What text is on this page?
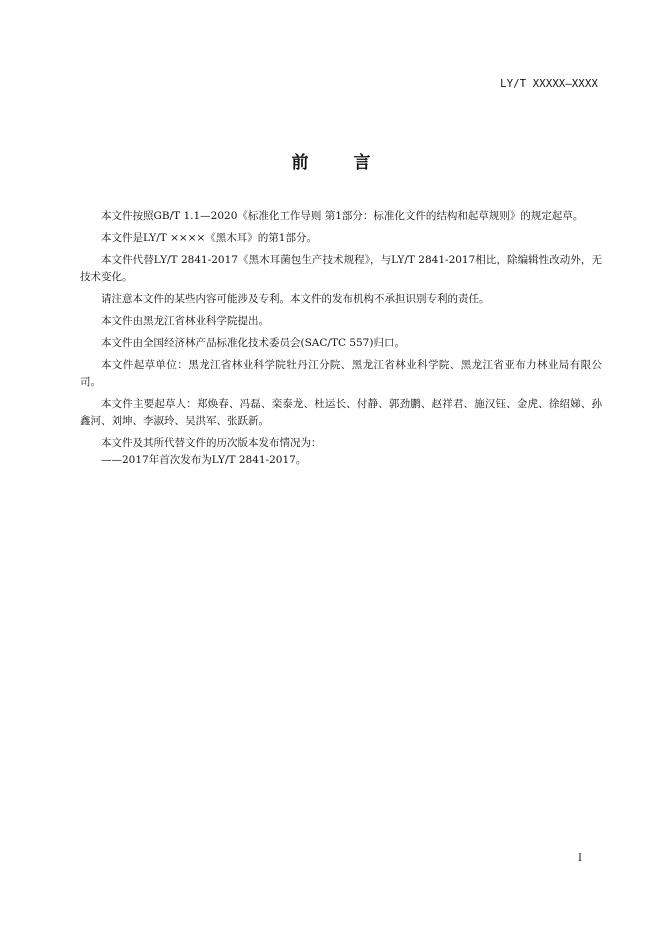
LY/T XXXXX—XXXX
前　言

本文件按照GB/T 1.1—2020《标准化工作导则 第1部分：标准化文件的结构和起草规则》的规定起草。

本文件是LY/T ××××《黑木耳》的第1部分。

本文件代替LY/T 2841-2017《黑木耳菌包生产技术规程》，与LY/T 2841-2017相比，除编辑性改动外，无技术变化。

请注意本文件的某些内容可能涉及专利。本文件的发布机构不承担识别专利的责任。

本文件由黑龙江省林业科学院提出。

本文件由全国经济林产品标准化技术委员会(SAC/TC 557)归口。

本文件起草单位：黑龙江省林业科学院牡丹江分院、黑龙江省林业科学院、黑龙江省亚布力林业局有限公司。

本文件主要起草人：郑焕春、冯磊、栾泰龙、杜运长、付静、郭劲鹏、赵祥君、施汉钰、金虎、徐绍娣、孙鑫河、刘坤、李淑玲、吴洪军、张跃新。

本文件及其所代替文件的历次版本发布情况为：

——2017年首次发布为LY/T 2841-2017。

I
